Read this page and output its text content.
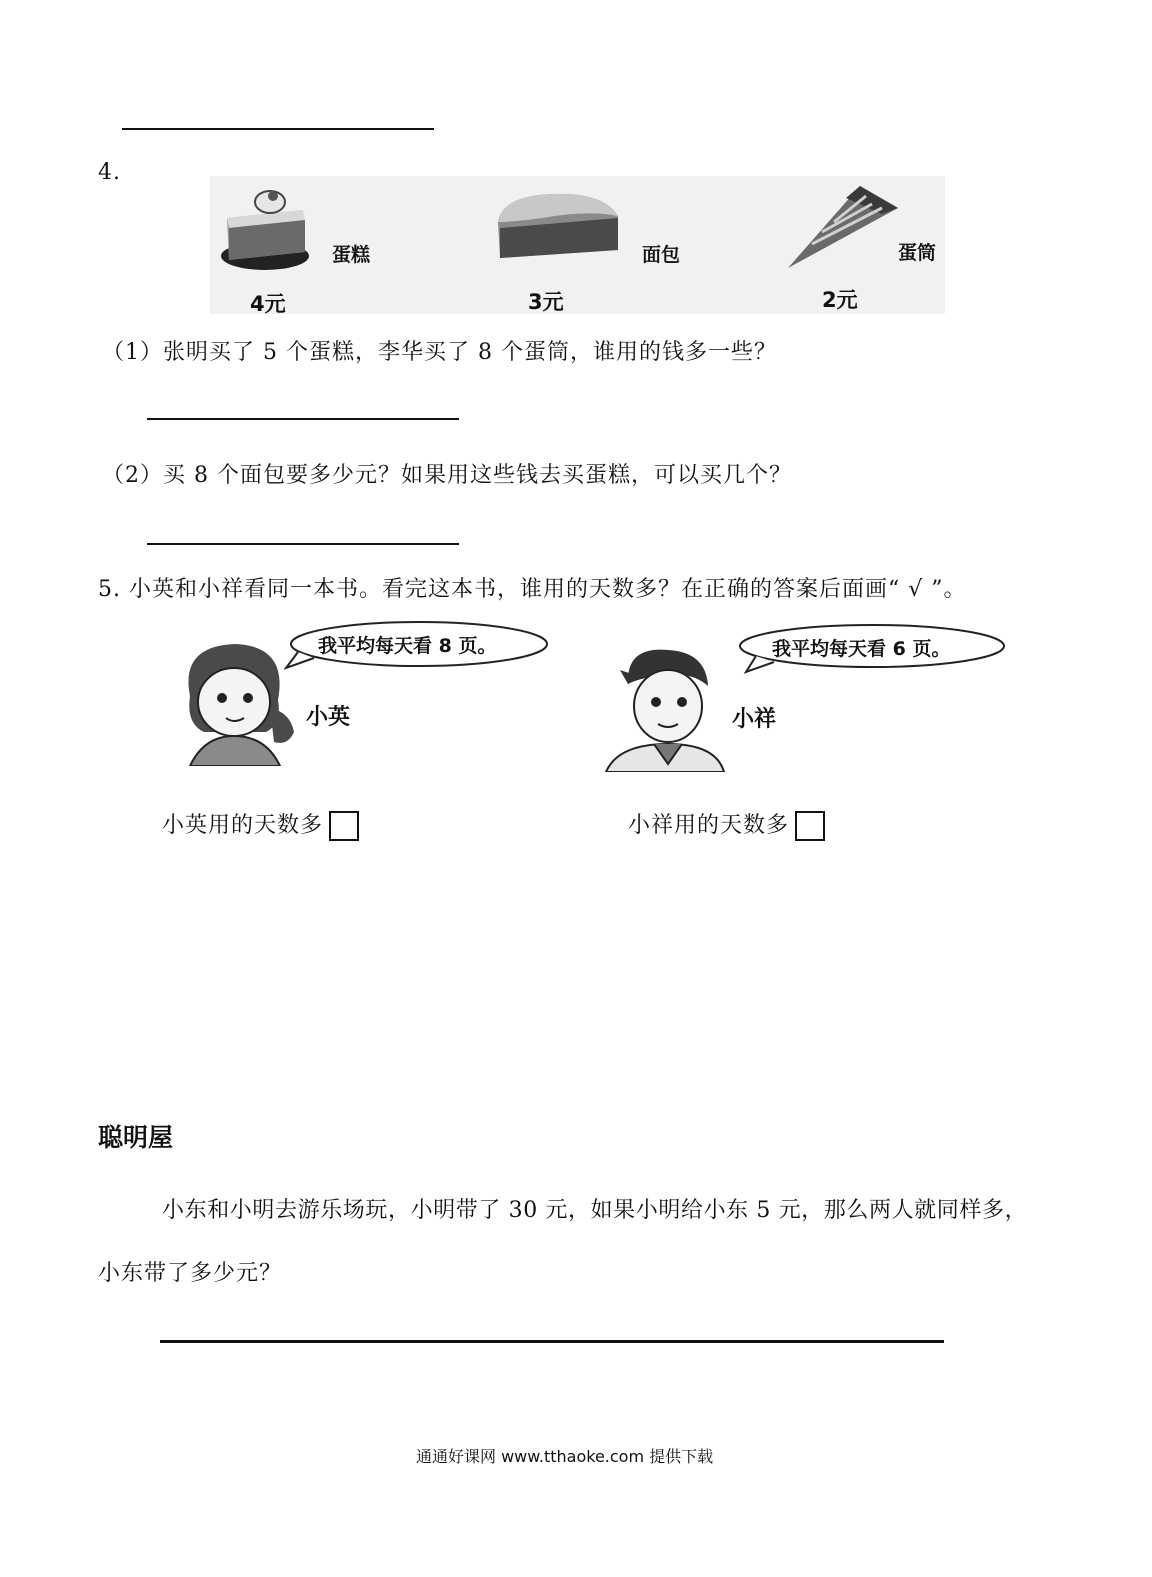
4.
蛋糕
4元
面包
3元
蛋筒
2元
（1）张明买了 5 个蛋糕，李华买了 8 个蛋筒，谁用的钱多一些？
（2）买 8 个面包要多少元？如果用这些钱去买蛋糕，可以买几个？
5. 小英和小祥看同一本书。看完这本书，谁用的天数多？在正确的答案后面画“ √ ”。
我平均每天看 8 页。
小英
我平均每天看 6 页。
小祥
小英用的天数多	小祥用的天数多
聪明屋
小东和小明去游乐场玩，小明带了 30 元，如果小明给小东 5 元，那么两人就同样多，
小东带了多少元？
通通好课网 www.tthaoke.com 提供下载
